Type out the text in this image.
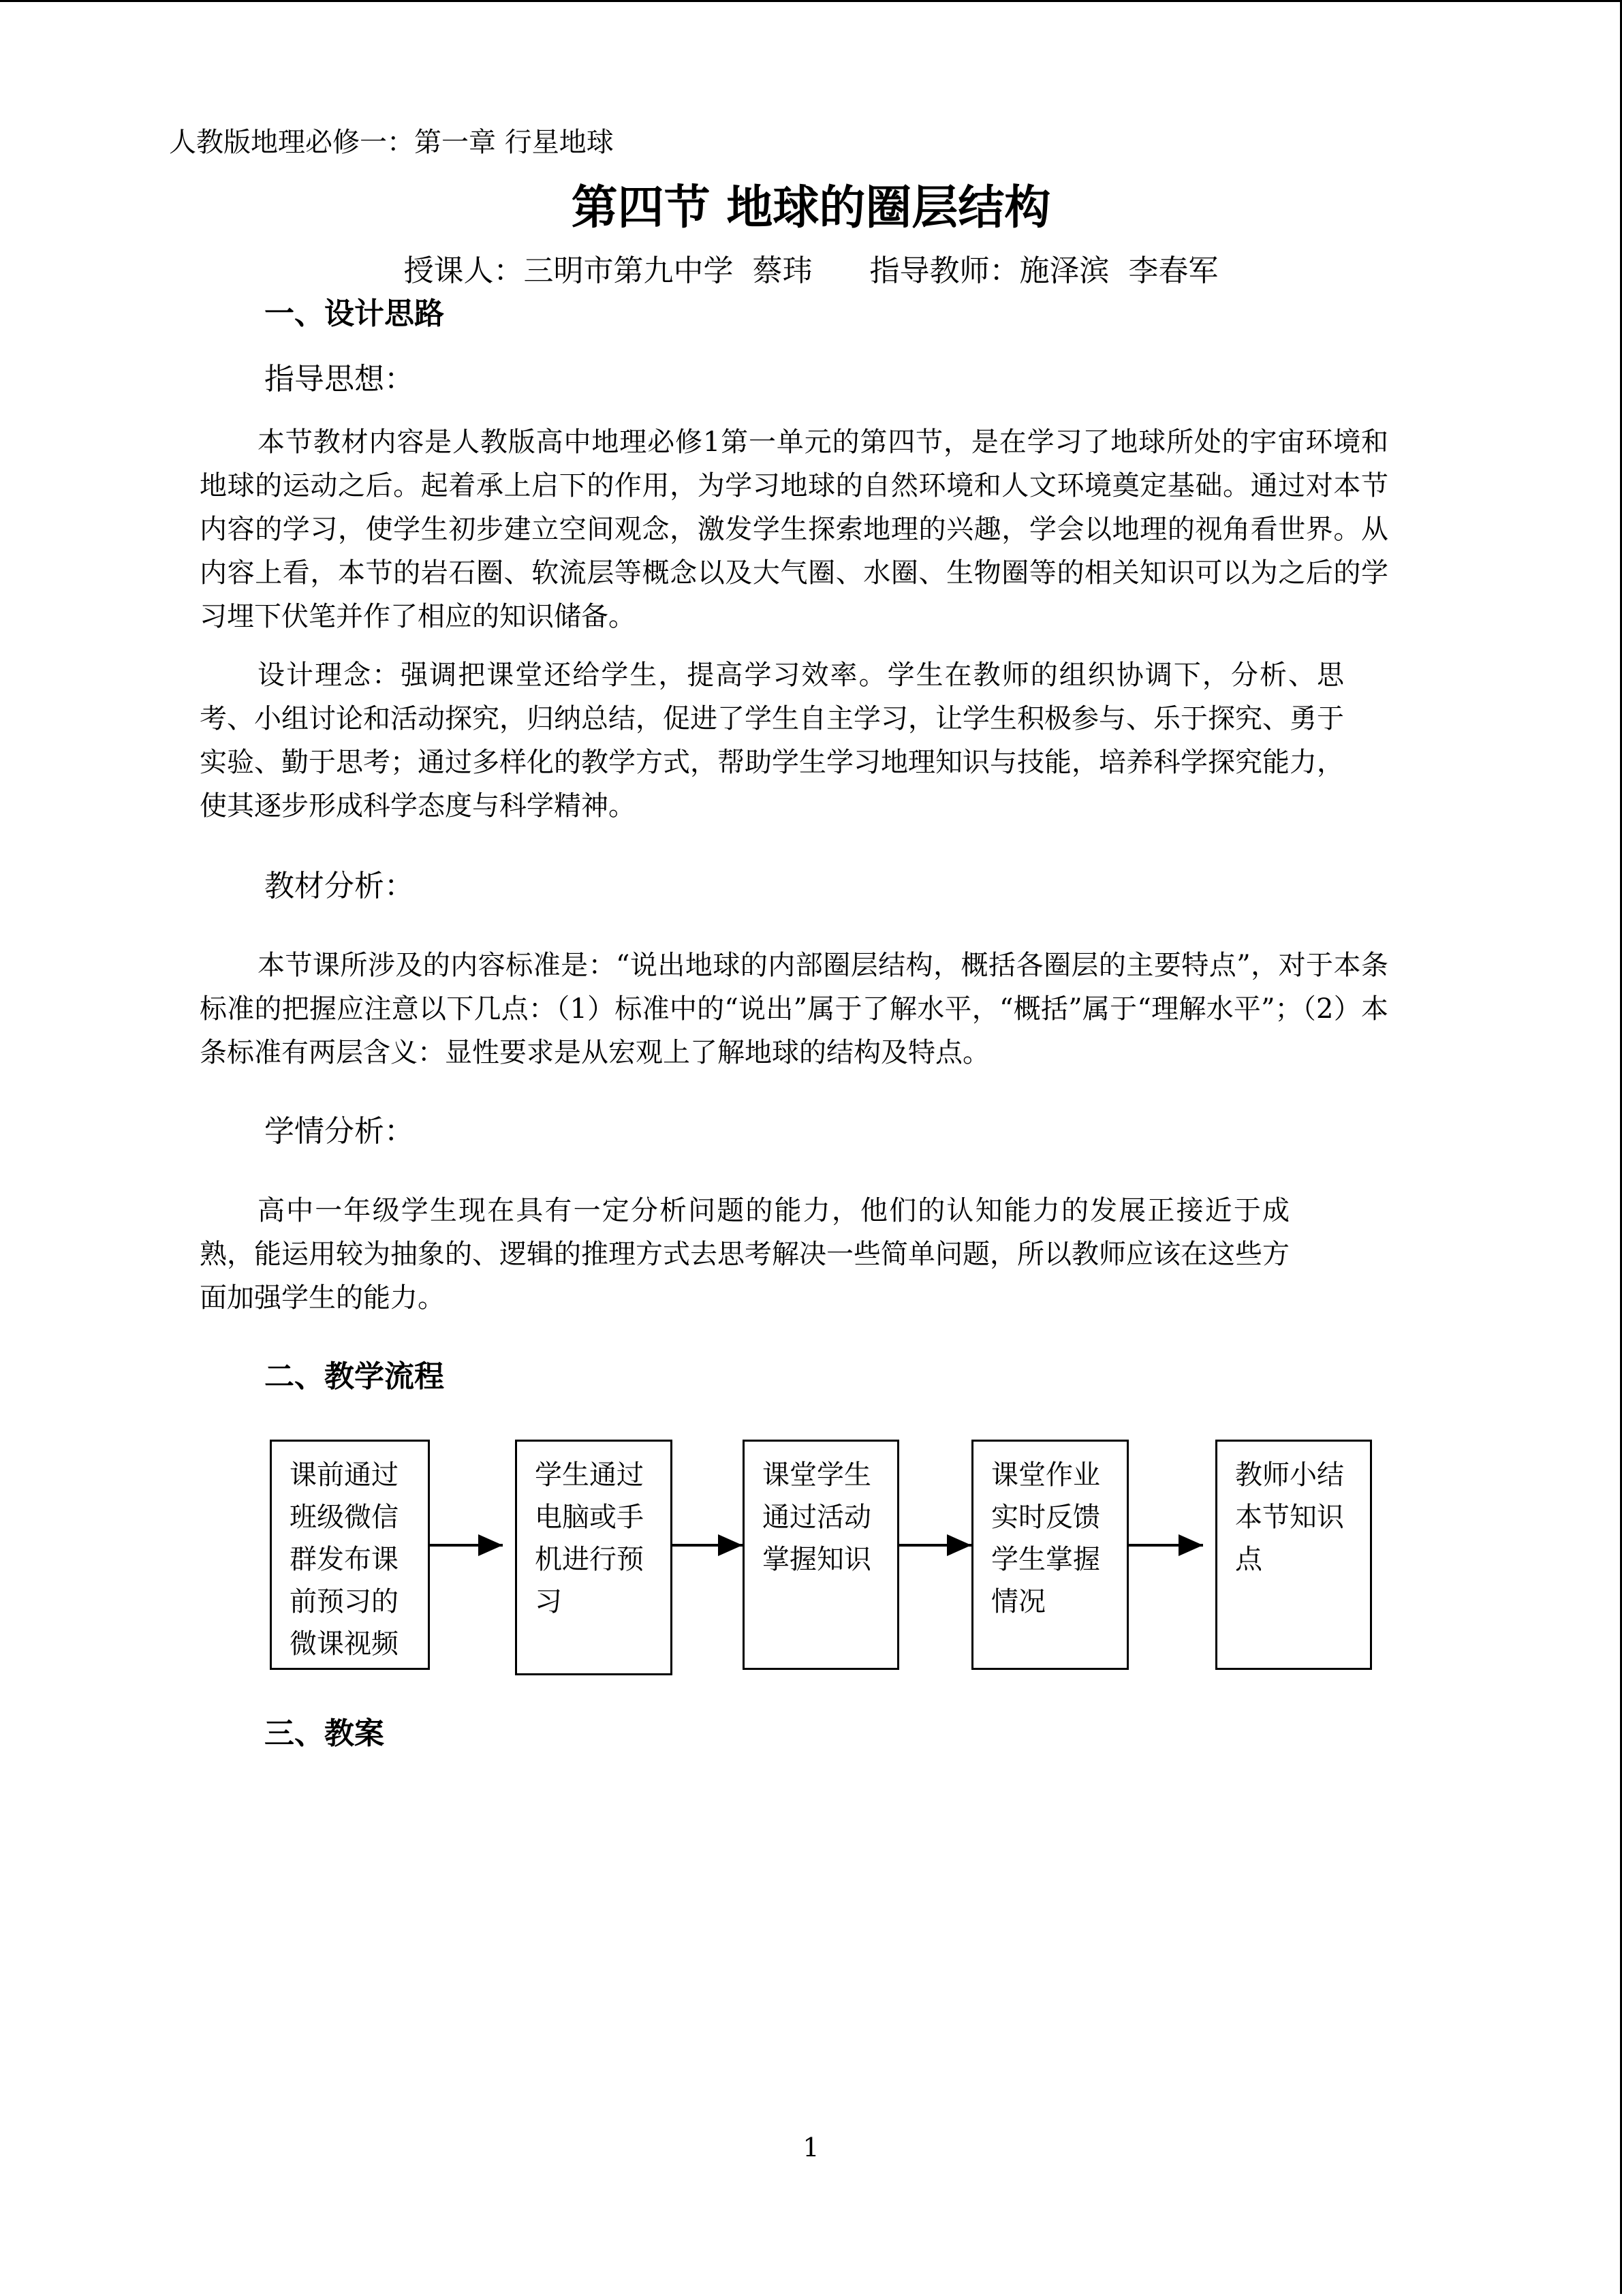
人教版地理必修一：第一章 行星地球
第四节 地球的圈层结构
授课人：三明市第九中学  蔡玮      指导教师：施泽滨  李春军
一、设计思路
指导思想：
本节教材内容是人教版高中地理必修1第一单元的第四节，是在学习了地球所处的宇宙环境和地球的运动之后。起着承上启下的作用，为学习地球的自然环境和人文环境奠定基础。通过对本节内容的学习，使学生初步建立空间观念，激发学生探索地理的兴趣，学会以地理的视角看世界。从内容上看，本节的岩石圈、软流层等概念以及大气圈、水圈、生物圈等的相关知识可以为之后的学习埋下伏笔并作了相应的知识储备。
设计理念：强调把课堂还给学生，提高学习效率。学生在教师的组织协调下，分析、思考、小组讨论和活动探究，归纳总结，促进了学生自主学习，让学生积极参与、乐于探究、勇于实验、勤于思考；通过多样化的教学方式，帮助学生学习地理知识与技能，培养科学探究能力，使其逐步形成科学态度与科学精神。
教材分析：
本节课所涉及的内容标准是：“说出地球的内部圈层结构，概括各圈层的主要特点”，对于本条标准的把握应注意以下几点：（1）标准中的“说出”属于了解水平，“概括”属于“理解水平”；（2）本条标准有两层含义：显性要求是从宏观上了解地球的结构及特点。
学情分析：
高中一年级学生现在具有一定分析问题的能力，他们的认知能力的发展正接近于成熟，能运用较为抽象的、逻辑的推理方式去思考解决一些简单问题，所以教师应该在这些方面加强学生的能力。
二、教学流程
课前通过班级微信群发布课前预习的微课视频
学生通过电脑或手机进行预习
课堂学生通过活动掌握知识
课堂作业实时反馈学生掌握情况
教师小结本节知识点
三、教案
1
